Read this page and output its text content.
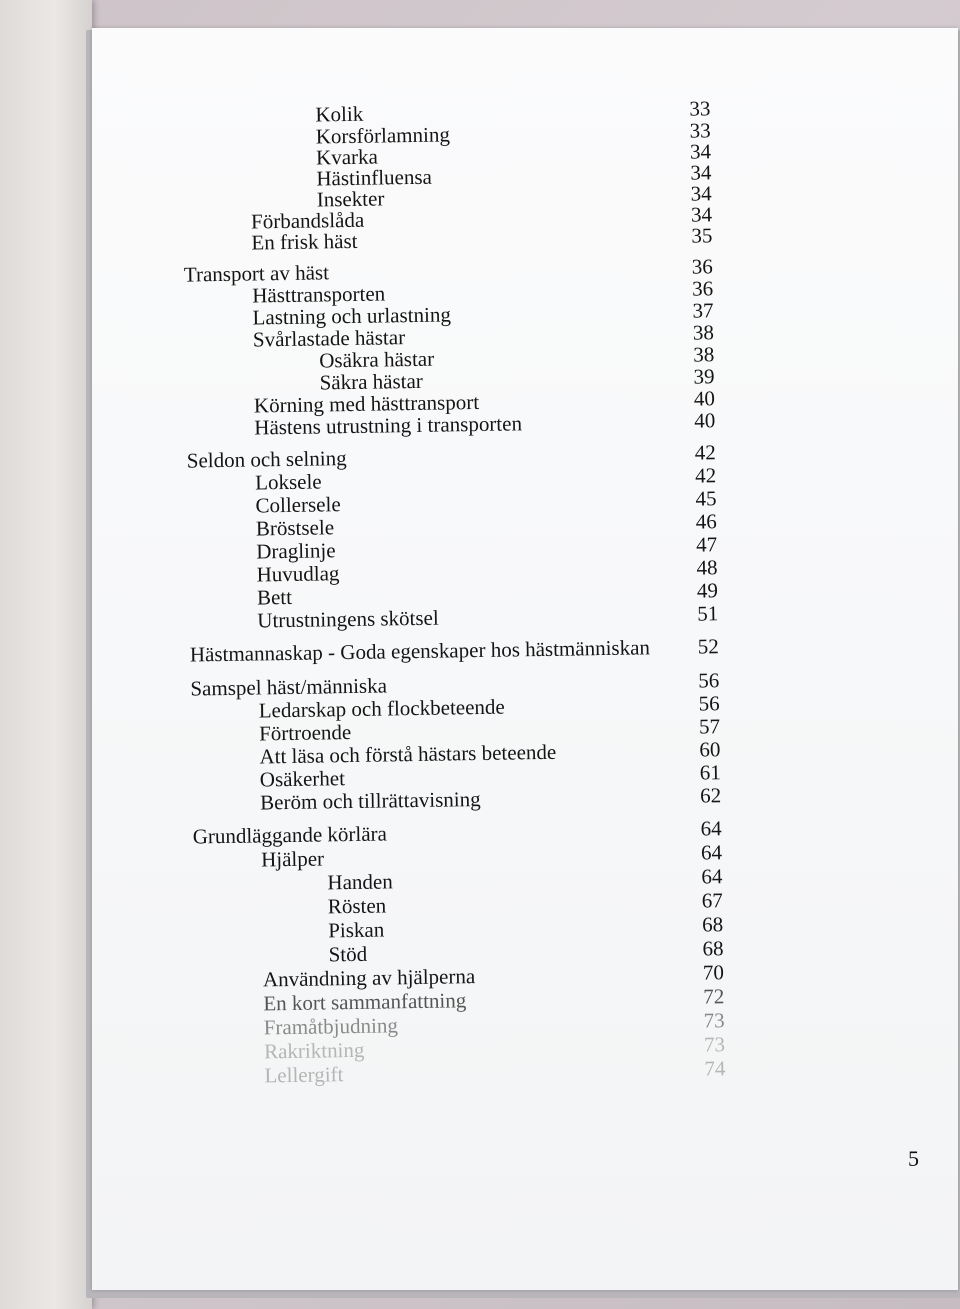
Kolik	33
Korsförlamning	33
Kvarka	34
Hästinfluensa	34
Insekter	34
Förbandslåda	34
En frisk häst	35
Transport av häst	36
Hästtransporten	36
Lastning och urlastning	37
Svårlastade hästar	38
Osäkra hästar	38
Säkra hästar	39
Körning med hästtransport	40
Hästens utrustning i transporten	40
Seldon och selning	42
Loksele	42
Collersele	45
Bröstsele	46
Draglinje	47
Huvudlag	48
Bett	49
Utrustningens skötsel	51
Hästmannaskap - Goda egenskaper hos hästmänniskan 52
Samspel häst/människa	56
Ledarskap och flockbeteende	56
Förtroende	57
Att läsa och förstå hästars beteende	60
Osäkerhet	61
Beröm och tillrättavisning	62
Grundläggande körlära	64
Hjälper	64
Handen	64
Rösten	67
Piskan	68
Stöd	68
Användning av hjälperna	70
En kort sammanfattning	72
Framåtbjudning	73
Rakriktning	73
Lellergift	74
5
